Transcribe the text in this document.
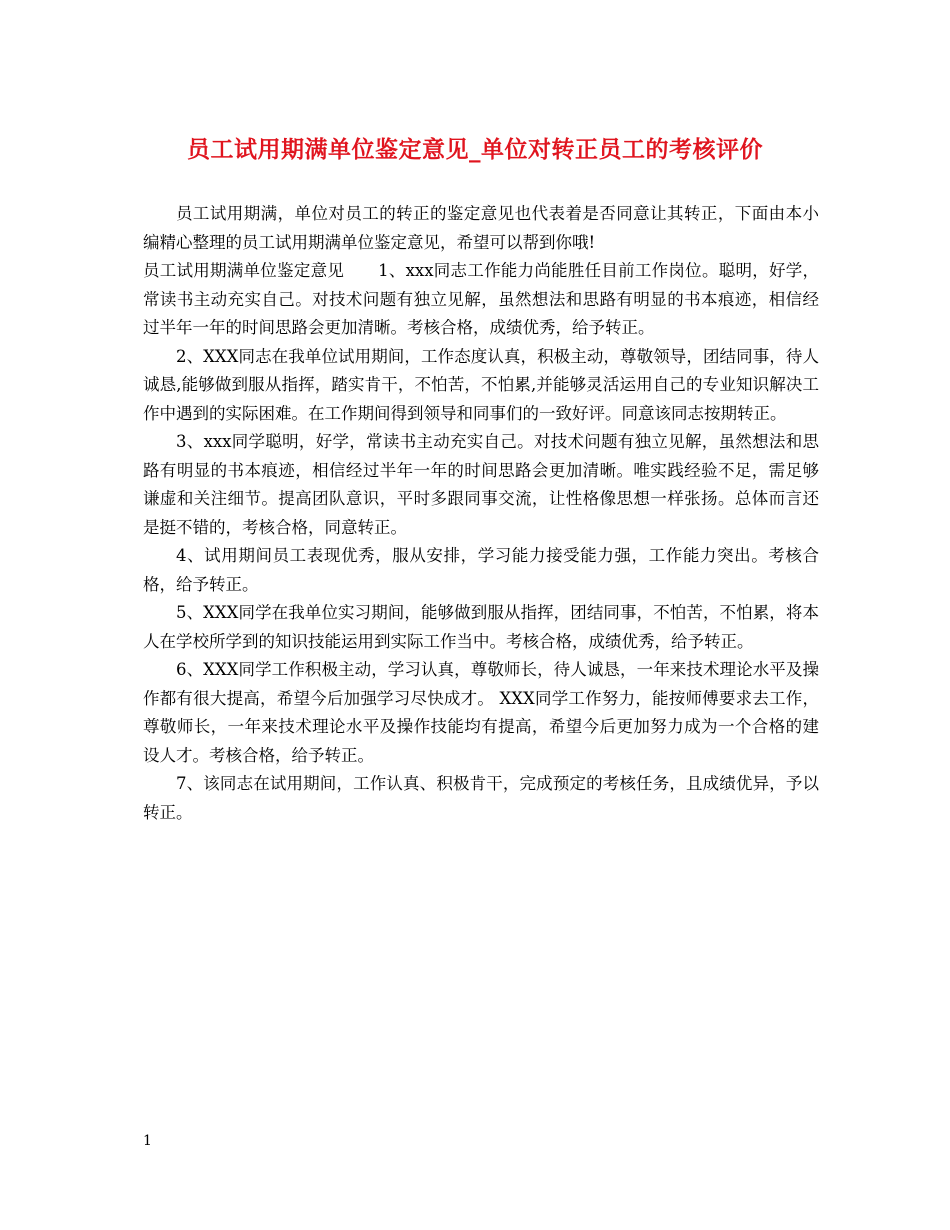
员工试用期满单位鉴定意见_单位对转正员工的考核评价

员工试用期满，单位对员工的转正的鉴定意见也代表着是否同意让其转正，下面由本小编精心整理的员工试用期满单位鉴定意见，希望可以帮到你哦!

员工试用期满单位鉴定意见 1、xxx同志工作能力尚能胜任目前工作岗位。聪明，好学，常读书主动充实自己。对技术问题有独立见解，虽然想法和思路有明显的书本痕迹，相信经过半年一年的时间思路会更加清晰。考核合格，成绩优秀，给予转正。

2、XXX同志在我单位试用期间，工作态度认真，积极主动，尊敬领导，团结同事，待人诚恳,能够做到服从指挥，踏实肯干，不怕苦，不怕累,并能够灵活运用自己的专业知识解决工作中遇到的实际困难。在工作期间得到领导和同事们的一致好评。同意该同志按期转正。

3、xxx同学聪明，好学，常读书主动充实自己。对技术问题有独立见解，虽然想法和思路有明显的书本痕迹，相信经过半年一年的时间思路会更加清晰。唯实践经验不足，需足够谦虚和关注细节。提高团队意识，平时多跟同事交流，让性格像思想一样张扬。总体而言还是挺不错的，考核合格，同意转正。

4、试用期间员工表现优秀，服从安排，学习能力接受能力强，工作能力突出。考核合格，给予转正。

5、XXX同学在我单位实习期间，能够做到服从指挥，团结同事，不怕苦，不怕累，将本人在学校所学到的知识技能运用到实际工作当中。考核合格，成绩优秀，给予转正。

6、XXX同学工作积极主动，学习认真，尊敬师长，待人诚恳，一年来技术理论水平及操作都有很大提高，希望今后加强学习尽快成才。 XXX同学工作努力，能按师傅要求去工作，尊敬师长，一年来技术理论水平及操作技能均有提高，希望今后更加努力成为一个合格的建设人才。考核合格，给予转正。

7、该同志在试用期间，工作认真、积极肯干，完成预定的考核任务，且成绩优异，予以转正。

1
